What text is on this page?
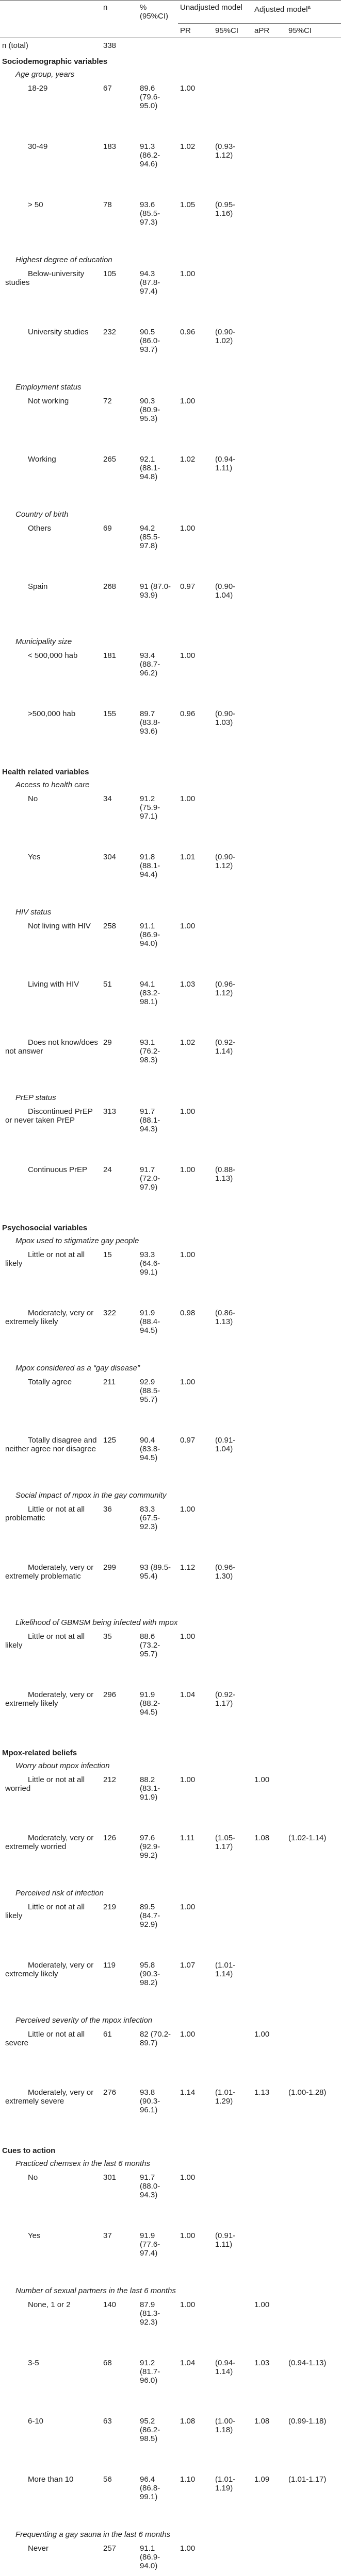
	n	% (95%CI)	Unadjusted model		Adjusted model$^a$
			PR	95%CI	aPR	95%CI
n (total)	338					
Sociodemographic variables						
Age group, years						
18-29	67	89.6 (79.6-95.0)	1.00			
30-49	183	91.3 (86.2-94.6)	1.02	(0.93-1.12)		
> 50	78	93.6 (85.5-97.3)	1.05	(0.95-1.16)		
Highest degree of education						
Below-university studies	105	94.3 (87.8-97.4)	1.00			
University studies	232	90.5 (86.0-93.7)	0.96	(0.90-1.02)		
Employment status						
Not working	72	90.3 (80.9-95.3)	1.00			
Working	265	92.1 (88.1-94.8)	1.02	(0.94-1.11)		
Country of birth						
Others	69	94.2 (85.5-97.8)	1.00			
Spain	268	91 (87.0-93.9)	0.97	(0.90-1.04)		
Municipality size						
< 500,000 hab	181	93.4 (88.7-96.2)	1.00			
>500,000 hab	155	89.7 (83.8-93.6)	0.96	(0.90-1.03)		
Health related variables						
Access to health care						
No	34	91.2 (75.9-97.1)	1.00			
Yes	304	91.8 (88.1-94.4)	1.01	(0.90-1.12)		
HIV status						
Not living with HIV	258	91.1 (86.9-94.0)	1.00			
Living with HIV	51	94.1 (83.2-98.1)	1.03	(0.96-1.12)		
Does not know/does not answer	29	93.1 (76.2-98.3)	1.02	(0.92-1.14)		
PrEP status						
Discontinued PrEP or never taken PrEP	313	91.7 (88.1-94.3)	1.00			
Continuous PrEP	24	91.7 (72.0-97.9)	1.00	(0.88-1.13)		
Psychosocial variables						
Mpox used to stigmatize gay people						
Little or not at all likely	15	93.3 (64.6-99.1)	1.00			
Moderately, very or extremely likely	322	91.9 (88.4-94.5)	0.98	(0.86-1.13)		
Mpox considered as a “gay disease”						
Totally agree	211	92.9 (88.5-95.7)	1.00			
Totally disagree and neither agree nor disagree	125	90.4 (83.8-94.5)	0.97	(0.91-1.04)		
Social impact of mpox in the gay community						
Little or not at all problematic	36	83.3 (67.5-92.3)	1.00			
Moderately, very or extremely problematic	299	93 (89.5-95.4)	1.12	(0.96-1.30)		
Likelihood of GBMSM being infected with mpox						
Little or not at all likely	35	88.6 (73.2-95.7)	1.00			
Moderately, very or extremely likely	296	91.9 (88.2-94.5)	1.04	(0.92-1.17)		
Mpox-related beliefs						
Worry about mpox infection						
Little or not at all worried	212	88.2 (83.1-91.9)	1.00		1.00	
Moderately, very or extremely worried	126	97.6 (92.9-99.2)	1.11	(1.05-1.17)	1.08	(1.02-1.14)
Perceived risk of infection						
Little or not at all likely	219	89.5 (84.7-92.9)	1.00			
Moderately, very or extremely likely	119	95.8 (90.3-98.2)	1.07	(1.01-1.14)		
Perceived severity of the mpox infection						
Little or not at all severe	61	82 (70.2-89.7)	1.00		1.00	
Moderately, very or extremely severe	276	93.8 (90.3-96.1)	1.14	(1.01-1.29)	1.13	(1.00-1.28)
Cues to action						
Practiced chemsex in the last 6 months						
No	301	91.7 (88.0-94.3)	1.00			
Yes	37	91.9 (77.6-97.4)	1.00	(0.91-1.11)		
Number of sexual partners in the last 6 months						
None, 1 or 2	140	87.9 (81.3-92.3)	1.00		1.00	
3-5	68	91.2 (81.7-96.0)	1.04	(0.94-1.14)	1.03	(0.94-1.13)
6-10	63	95.2 (86.2-98.5)	1.08	(1.00-1.18)	1.08	(0.99-1.18)
More than 10	56	96.4 (86.8-99.1)	1.10	(1.01-1.19)	1.09	(1.01-1.17)
Frequenting a gay sauna in the last 6 months						
Never	257	91.1 (86.9-94.0)	1.00			
